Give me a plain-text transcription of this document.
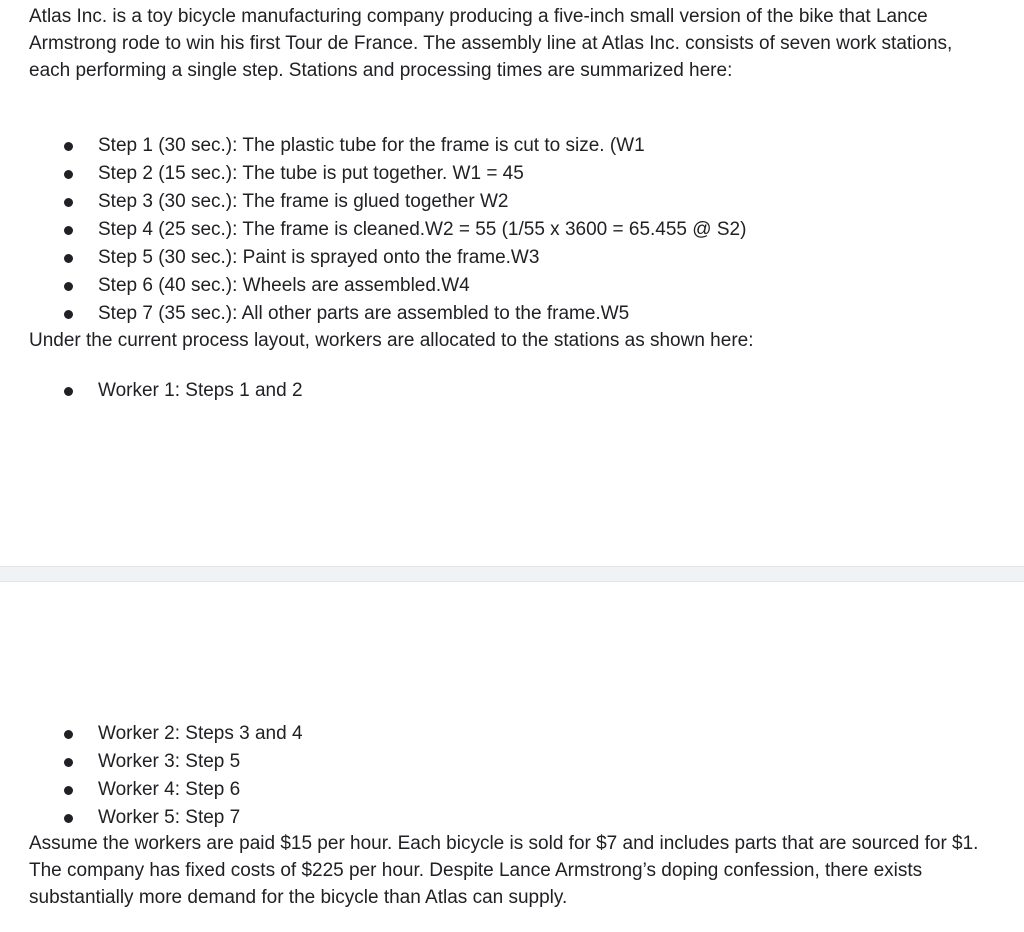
Atlas Inc. is a toy bicycle manufacturing company producing a five-inch small version of the bike that Lance Armstrong rode to win his first Tour de France. The assembly line at Atlas Inc. consists of seven work stations, each performing a single step. Stations and processing times are summarized here:

Step 1 (30 sec.): The plastic tube for the frame is cut to size. (W1
Step 2 (15 sec.): The tube is put together. W1 = 45
Step 3 (30 sec.): The frame is glued together W2
Step 4 (25 sec.): The frame is cleaned.W2 = 55 (1/55 x 3600 = 65.455 @ S2)
Step 5 (30 sec.): Paint is sprayed onto the frame.W3
Step 6 (40 sec.): Wheels are assembled.W4
Step 7 (35 sec.): All other parts are assembled to the frame.W5

Under the current process layout, workers are allocated to the stations as shown here:

Worker 1: Steps 1 and 2
Worker 2: Steps 3 and 4
Worker 3: Step 5
Worker 4: Step 6
Worker 5: Step 7

Assume the workers are paid $15 per hour. Each bicycle is sold for $7 and includes parts that are sourced for $1. The company has fixed costs of $225 per hour. Despite Lance Armstrong’s doping confession, there exists substantially more demand for the bicycle than Atlas can supply.
